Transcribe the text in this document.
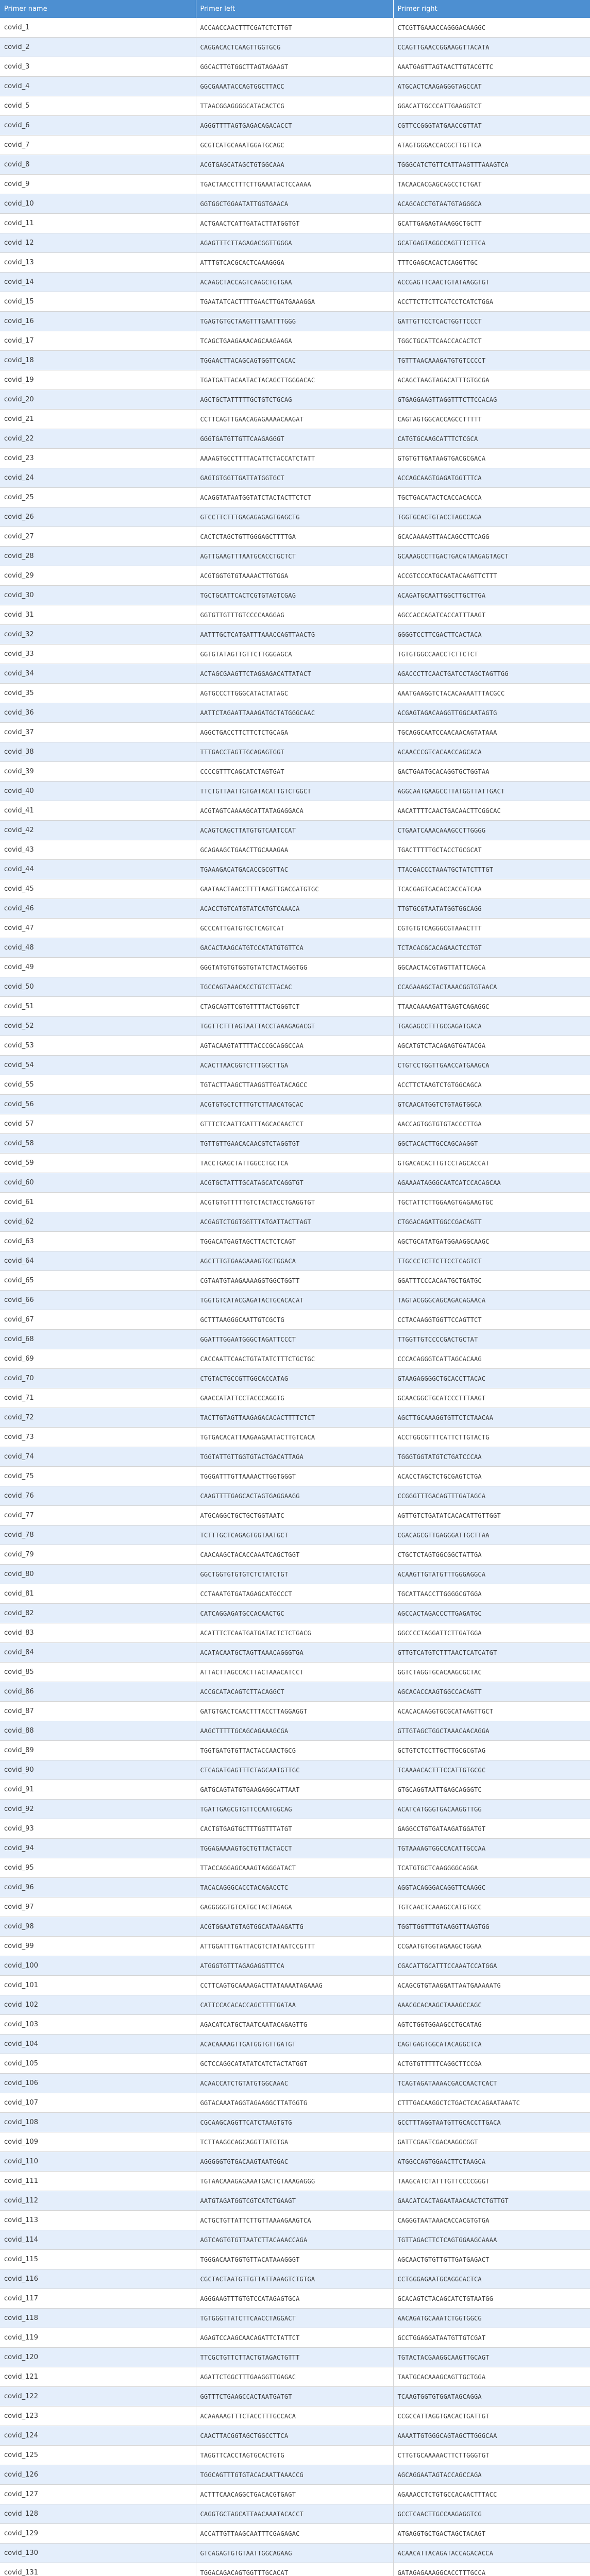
Primer name	Primer left	Primer right
covid_1	ACCAACCAACTTTCGATCTCTTGT	CTCGTTGAAACCAGGGACAAGGC
covid_2	CAGGACACTCAAGTTGGTGCG	CCAGTTGAACCGGAAGGTTACATA
covid_3	GGCACTTGTGGCTTAGTAGAAGT	AAATGAGTTAGTAACTTGTACGTTC
covid_4	GGCGAAATACCAGTGGCTTACC	ATGCACTCAAGAGGGTAGCCAT
covid_5	TTAACGGAGGGGCATACACTCG	GGACATTGCCCATTGAAGGTCT
covid_6	AGGGTTTTAGTGAGACAGACACCT	CGTTCCGGGTATGAACCGTTAT
covid_7	GCGTCATGCAAATGGATGCAGC	ATAGTGGGACCACGCTTGTTCA
covid_8	ACGTGAGCATAGCTGTGGCAAA	TGGGCATCTGTTCATTAAGTTTAAAGTCA
covid_9	TGACTAACCTTTCTTGAAATACTCCAAAA	TACAACACGAGCAGCCTCTGAT
covid_10	GGTGGCTGGAATATTGGTGAACA	ACAGCACCTGTAATGTAGGGCA
covid_11	ACTGAACTCATTGATACTTATGGTGT	GCATTGAGAGTAAAGGCTGCTT
covid_12	AGAGTTTCTTAGAGACGGTTGGGA	GCATGAGTAGGCCAGTTTCTTCA
covid_13	ATTTGTCACGCACTCAAAGGGA	TTTCGAGCACACTCAGGTTGC
covid_14	ACAAGCTACCAGTCAAGCTGTGAA	ACCGAGTTCAACTGTATAAGGTGT
covid_15	TGAATATCACTTTTGAACTTGATGAAAGGA	ACCTTCTTCTTCATCCTCATCTGGA
covid_16	TGAGTGTGCTAAGTTTGAATTTGGG	GATTGTTCCTCACTGGTTCCCT
covid_17	TCAGCTGAAGAAACAGCAAGAAGA	TGGCTGCATTCAACCACACTCT
covid_18	TGGAACTTACAGCAGTGGTTCACAC	TGTTTAACAAAGATGTGTCCCCT
covid_19	TGATGATTACAATACTACAGCTTGGGACAC	ACAGCTAAGTAGACATTTGTGCGA
covid_20	AGCTGCTATTTTTGCTGTCTGCAG	GTGAGGAAGTTAGGTTTCTTCCACAG
covid_21	CCTTCAGTTGAACAGAGAAAACAAGAT	CAGTAGTGGCACCAGCCTTTTT
covid_22	GGGTGATGTTGTTCAAGAGGGT	CATGTGCAAGCATTTCTCGCA
covid_23	AAAAGTGCCTTTTACATTCTACCATCTATT	GTGTGTTGATAAGTGACGCGACA
covid_24	GAGTGTGGTTGATTATGGTGCT	ACCAGCAAGTGAGATGGTTTCA
covid_25	ACAGGTATAATGGTATCTACTACTTCTCT	TGCTGACATACTCACCACACCA
covid_26	GTCCTTCTTTGAGAGAGAGTGAGCTG	TGGTGCACTGTACCTAGCCAGA
covid_27	CACTCTAGCTGTTGGGAGCTTTTGA	GCACAAAAGTTAACAGCCTTCAGG
covid_28	AGTTGAAGTTTAATGCACCTGCTCT	GCAAAGCCTTGACTGACATAAGAGTAGCT
covid_29	ACGTGGTGTGTAAAACTTGTGGA	ACCGTCCCATGCAATACAAGTTCTTT
covid_30	TGCTGCATTCACTCGTGTAGTCGAG	ACAGATGCAATTGGCTTGCTTGA
covid_31	GGTGTTGTTTGTCCCCAAGGAG	AGCCACCAGATCACCATTTAAGT
covid_32	AATTTGCTCATGATTTAAACCAGTTAACTG	GGGGTCCTTCGACTTCACTACA
covid_33	GGTGTATAGTTGTTCTTGGGAGCA	TGTGTGGCCAACCTCTTCTCT
covid_34	ACTAGCGAAGTTCTAGGAGACATTATACT	AGACCCTTCAACTGATCCTAGCTAGTTGG
covid_35	AGTGCCCTTGGGCATACTATAGC	AAATGAAGGTCTACACAAAATTTACGCC
covid_36	AATTCTAGAATTAAAGATGCTATGGGCAAC	ACGAGTAGACAAGGTTGGCAATAGTG
covid_37	AGGCTGACCTTCTTCTCTGCAGA	TGCAGGCAATCCAACAACAGTATAAA
covid_38	TTTGACCTAGTTGCAGAGTGGT	ACAACCCGTCACAACCAGCACA
covid_39	CCCCGTTTCAGCATCTAGTGAT	GACTGAATGCACAGGTGCTGGTAA
covid_40	TTCTGTTAATTGTGATACATTGTCTGGCT	AGGCAATGAAGCCTTATGGTTATTGACT
covid_41	ACGTAGTCAAAAGCATTATAGAGGACA	AACATTTTCAACTGACAACTTCGGCAC
covid_42	ACAGTCAGCTTATGTGTCAATCCAT	CTGAATCAAACAAAGCCTTGGGG
covid_43	GCAGAAGCTGAACTTGCAAAGAA	TGACTTTTTGCTACCTGCGCAT
covid_44	TGAAAGACATGACACCGCGTTAC	TTACGACCCTAAATGCTATCTTTGT
covid_45	GAATAACTAACCTTTTAAGTTGACGATGTGC	TCACGAGTGACACCACCATCAA
covid_46	ACACCTGTCATGTATCATGTCAAACA	TTGTGCGTAATATGGTGGCAGG
covid_47	GCCCATTGATGTGCTCAGTCAT	CGTGTGTCAGGGCGTAAACTTT
covid_48	GACACTAAGCATGTCCATATGTGTTCA	TCTACACGCACAGAACTCCTGT
covid_49	GGGTATGTGTGGTGTATCTACTAGGTGG	GGCAACTACGTAGTTATTCAGCA
covid_50	TGCCAGTAAACACCTGTCTTACAC	CCAGAAAGCTACTAAACGGTGTAACA
covid_51	CTAGCAGTTCGTGTTTTACTGGGTCT	TTAACAAAAGATTGAGTCAGAGGC
covid_52	TGGTTCTTTAGTAATTACCTAAAGAGACGT	TGAGAGCCTTTGCGAGATGACA
covid_53	AGTACAAGTATTTTACCCGCAGGCCAA	AGCATGTCTACAGAGTGATACGA
covid_54	ACACTTAACGGTCTTTGGCTTGA	CTGTCCTGGTTGAACCATGAAGCA
covid_55	TGTACTTAAGCTTAAGGTTGATACAGCC	ACCTTCTAAGTCTGTGGCAGCA
covid_56	ACGTGTGCTCTTTGTCTTAACATGCAC	GTCAACATGGTCTGTAGTGGCA
covid_57	GTTTCTCAATTGATTTAGCACAACTCT	AACCAGTGGTGTGTACCCTTGA
covid_58	TGTTGTTGAACACAACGTCTAGGTGT	GGCTACACTTGCCAGCAAGGT
covid_59	TACCTGAGCTATTGGCCTGCTCA	GTGACACACTTGTCCTAGCACCAT
covid_60	ACGTGCTATTTGCATAGCATCAGGTGT	AGAAAATAGGGCAATCATCCACAGCAA
covid_61	ACGTGTGTTTTTGTCTACTACCTGAGGTGT	TGCTATTCTTGGAAGTGAGAAGTGC
covid_62	ACGAGTCTGGTGGTTTATGATTACTTAGT	CTGGACAGATTGGCCGACAGTT
covid_63	TGGACATGAGTAGCTTACTCTCAGT	AGCTGCATATGATGGAAGGCAAGC
covid_64	AGCTTTGTGAAGAAAGTGCTGGACA	TTGCCCTCTTCTTCCTCAGTCT
covid_65	CGTAATGTAAGAAAAGGTGGCTGGTT	GGATTTCCCACAATGCTGATGC
covid_66	TGGTGTCATACGAGATACTGCACACAT	TAGTACGGGCAGCAGACAGAACA
covid_67	GCTTTAAGGGCAATTGTCGCTG	CCTACAAGGTGGTTCCAGTTCT
covid_68	GGATTTGGAATGGGCTAGATTCCCT	TTGGTTGTCCCCGACTGCTAT
covid_69	CACCAATTCAACTGTATATCTTTCTGCTGC	CCCACAGGGTCATTAGCACAAG
covid_70	CTGTACTGCCGTTGGCACCATAG	GTAAGAGGGGCTGCACCTTACAC
covid_71	GAACCATATTCCTACCCAGGTG	GCAACGGCTGCATCCCTTTAAGT
covid_72	TACTTGTAGTTAAGAGACACACTTTTCTCT	AGCTTGCAAAGGTGTTCTCTAACAA
covid_73	TGTGACACATTAAGAAGAATACTTGTCACA	ACCTGGCGTTTCATTCTTGTACTG
covid_74	TGGTATTGTTGGTGTACTGACATTAGA	TGGGTGGTATGTCTGATCCCAA
covid_75	TGGGATTTGTTAAAACTTGGTGGGT	ACACCTAGCTCTGCGAGTCTGA
covid_76	CAAGTTTTGAGCACTAGTGAGGAAGG	CCGGGTTTGACAGTTTGATAGCA
covid_77	ATGCAGGCTGCTGCTGGTAATC	AGTTGTCTGATATCACACATTGTTGGT
covid_78	TCTTTGCTCAGAGTGGTAATGCT	CGACAGCGTTGAGGGATTGCTTAA
covid_79	CAACAAGCTACACCAAATCAGCTGGT	CTGCTCTAGTGGCGGCTATTGA
covid_80	GGCTGGTGTGTGTCTCTATCTGT	ACAAGTTGTATGTTTGGGAGGCA
covid_81	CCTAAATGTGATAGAGCATGCCCT	TGCATTAACCTTGGGGCGTGGA
covid_82	CATCAGGAGATGCCACAACTGC	AGCCACTAGACCCTTGAGATGC
covid_83	ACATTTCTCAATGATGATACTCTCTGACG	GGCCCCTAGGATTCTTGATGGA
covid_84	ACATACAATGCTAGTTAAACAGGGTGA	GTTGTCATGTCTTTAACTCATCATGT
covid_85	ATTACTTAGCCACTTACTAAACATCCT	GGTCTAGGTGCACAAGCGCTAC
covid_86	ACCGCATACAGTCTTACAGGCT	AGCACACCAAGTGGCCACAGTT
covid_87	GATGTGACTCAACTTTACCTTAGGAGGT	ACACACAAGGTGCGCATAAGTTGCT
covid_88	AAGCTTTTTGCAGCAGAAAGCGA	GTTGTAGCTGGCTAAACAACAGGA
covid_89	TGGTGATGTGTTACTACCAACTGCG	GCTGTCTCCTTGCTTGCGCGTAG
covid_90	CTCAGATGAGTTTCTAGCAATGTTGC	TCAAAACACTTTCCATTGTGCGC
covid_91	GATGCAGTATGTGAAGAGGCATTAAT	GTGCAGGTAATTGAGCAGGGTC
covid_92	TGATTGAGCGTGTTCCAATGGCAG	ACATCATGGGTGACAAGGTTGG
covid_93	CACTGTGAGTGCTTTGGTTTATGT	GAGGCCTGTGATAAGATGGATGT
covid_94	TGGAGAAAAGTGCTGTTACTACCT	TGTAAAAGTGGCCACATTGCCAA
covid_95	TTACCAGGAGCAAAGTAGGGATACT	TCATGTGCTCAAGGGGCAGGA
covid_96	TACACAGGGCACCTACAGACCTC	AGGTACAGGGACAGGTTCAAGGC
covid_97	GAGGGGGTGTCATGCTACTAGAGA	TGTCAACTCAAAGCCATGTGCC
covid_98	ACGTGGAATGTAGTGGCATAAAGATTG	TGGTTGGTTTGTAAGGTTAAGTGG
covid_99	ATTGGATTTGATTACGTCTATAATCCGTTT	CCGAATGTGGTAGAAGCTGGAA
covid_100	ATGGGTGTTTAGAGAGGTTTCA	CGACATTGCATTTCCAAATCCATGGA
covid_101	CCTTCAGTGCAAAAGACTTATAAAATAGAAAG	ACAGCGTGTAAGGATTAATGAAAAATG
covid_102	CATTCCACACACCAGCTTTTGATAA	AAACGCACAAGCTAAAGCCAGC
covid_103	AGACATCATGCTAATCAATACAGAGTTG	AGTCTGGTGGAAGCCTGCATAG
covid_104	ACACAAAAGTTGATGGTGTTGATGT	CAGTGAGTGGCATACAGGCTCA
covid_105	GCTCCAGGCATATATCATCTACTATGGT	ACTGTGTTTTTCAGGCTTCCGA
covid_106	ACAACCATCTGTATGTGGCAAAC	TCAGTAGATAAAACGACCAACTCACT
covid_107	GGTACAAATAGGTAGAAGGCTTATGGTG	CTTTGACAAGGCTCTGACTCACAGAATAAATC
covid_108	CGCAAGCAGGTTCATCTAAGTGTG	GCCTTTAGGTAATGTTGCACCTTGACA
covid_109	TCTTAAGGCAGCAGGTTATGTGA	GATTCGAATCGACAAGGCGGT
covid_110	AGGGGGTGTGACAAGTAATGGAC	ATGGCCAGTGGAACTTCTAAGCA
covid_111	TGTAACAAAGAGAAATGACTCTAAAGAGGG	TAAGCATCTATTTGTTCCCCGGGT
covid_112	AATGTAGATGGTCGTCATCTGAAGT	GAACATCACTAGAATAACAACTCTGTTGT
covid_113	ACTGCTGTTATTCTTGTTAAAAGAAGTCA	CAGGGTAATAAACACCACGTGTGA
covid_114	AGTCAGTGTGTTAATCTTACAAACCAGA	TGTTAGACTTCTCAGTGGAAGCAAAA
covid_115	TGGGACAATGGTGTTACATAAAGGGT	AGCAACTGTGTTGTTGATGAGACT
covid_116	CGCTACTAATGTTGTTATTAAAGTCTGTGA	CCTGGGAGAATGCAGGCACTCA
covid_117	AGGGAAGTTTGTGTCCATAGAGTGCA	GCACAGTCTACAGCATCTGTAATGG
covid_118	TGTGGGTTATCTTCAACCTAGGACT	AACAGATGCAAATCTGGTGGCG
covid_119	AGAGTCCAAGCAACAGATTCTATTCT	GCCTGGAGGATAATGTTGTCGAT
covid_120	TTCGCTGTTCTTACTGTAGACTGTTT	TGTACTACGAAGGCAAGTTGCAGT
covid_121	AGATTCTGGCTTTGAAGGTTGAGAC	TAATGCACAAAGCAGTTGCTGGA
covid_122	GGTTTCTGAAGCCACTAATGATGT	TCAAGTGGTGTGGATAGCAGGA
covid_123	ACAAAAAGTTTCTACCTTTGCCACA	CCGCCATTAGGTGACACTGATTGT
covid_124	CAACTTACGGTAGCTGGCCTTCA	AAAATTGTGGGCAGTAGCTTGGGCAA
covid_125	TAGGTTCACCTAGTGCACTGTG	CTTGTGCAAAAACTTCTTGGGTGT
covid_126	TGGCAGTTTGTGTACACAATTAAACCG	AGCAGGAATAGTACCAGCCAGA
covid_127	ACTTTCAACAGGCTGACACGTGAGT	AGAAACCTCTGTGCCACAACTTTACC
covid_128	CAGGTGCTAGCATTAACAAATACACCT	GCCTCAACTTGCCAAGAGGTCG
covid_129	ACCATTGTTAAGCAATTTCGAGAGAC	ATGAGGTGCTGACTAGCTACAGT
covid_130	GTCAGAGTGTGTAATTGGCAGAAG	ACAACATTACAGATACCAGACACCA
covid_131	TGGACAGACAGTGGTTTGCACAT	GATAGAGAAAGGCACCTTTGCCA
